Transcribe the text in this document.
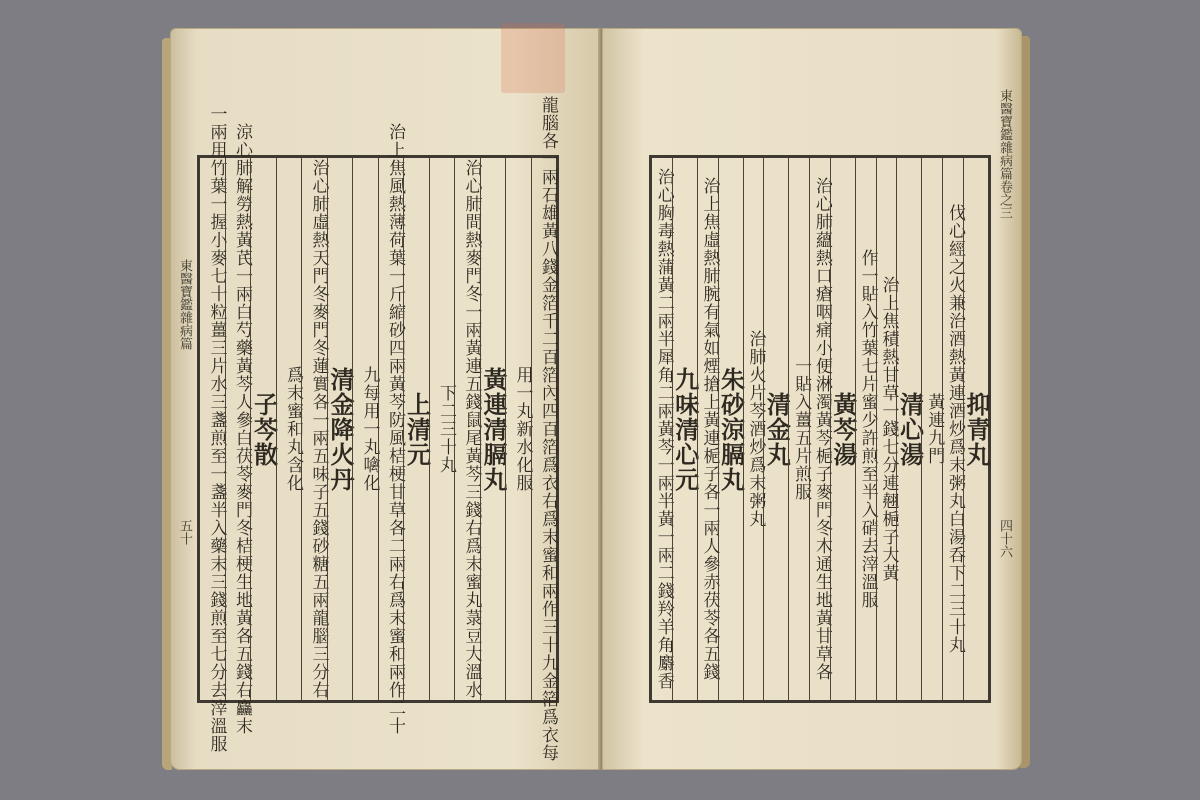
東醫寶鑑雜病篇
五十	龍腦各一兩石雄黃八錢金箔千二百箔內四百箔爲衣右爲末蜜和兩作三十九金箔爲衣每
用一丸新水化服
黃連清膈丸
治心肺間熱麥門冬一兩黃連五錢鼠尾黃芩三錢右爲末蜜丸菉豆大溫水
下二三十丸
上清元
治上焦風熱薄荷葉一斤縮砂四兩黃芩防風桔梗甘草各二兩右爲末蜜和兩作二十
九每用一丸噙化
清金降火丹
治心肺虛熱天門冬麥門冬蓮實各一兩五味子五錢砂糖五兩龍腦三分右
爲末蜜和丸含化
子芩散
涼心肺解勞熱黃芪一兩白芍藥黃芩人參白茯苓麥門冬桔梗生地黃各五錢右麤末
一兩用竹葉一握小麥七十粒薑三片水三盞煎至一盞半入藥末三錢煎至七分去滓溫服	東醫寶鑑雜病篇卷之三
四十六
抑青丸
伐心經之火兼治酒熱黃連酒炒爲末粥丸白湯呑下二三十丸
黃連九門
清心湯
治上焦積熱甘草一錢七分連翹梔子大黃
作一貼入竹葉七片蜜少許煎至半入硝去滓溫服
黃芩湯
治心肺蘊熱口瘡咽痛小便淋濁黃芩梔子麥門冬木通生地黃甘草各
一貼入薑五片煎服
清金丸
治肺火片芩酒炒爲末粥丸
朱砂涼膈丸
治上焦虛熱肺腕有氣如煙搶上黃連梔子各一兩人參赤茯苓各五錢
九味清心元
治心胸毒熱蒲黃二兩半犀角二兩黃芩一兩半黃一兩二錢羚羊角麝香
